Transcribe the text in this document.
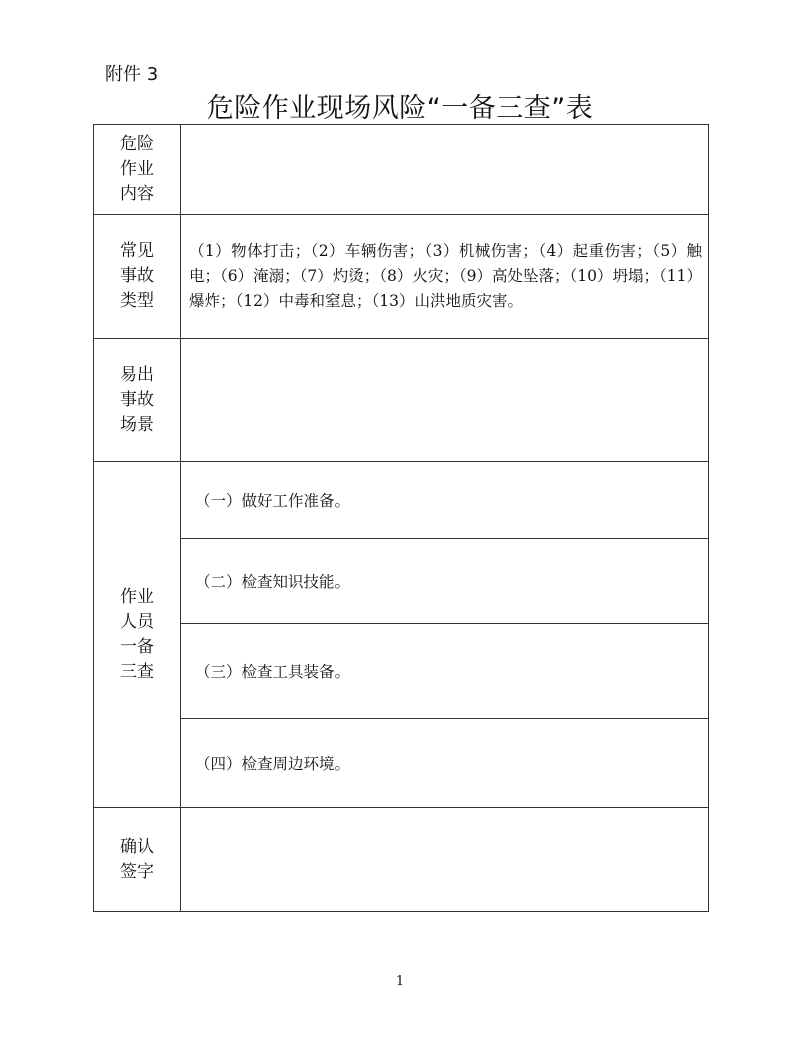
附件 3
危险作业现场风险“一备三查”表
危险
作业
内容	

常见
事故
类型	（1）物体打击；（2）车辆伤害；（3）机械伤害；（4）起重伤害；（5）触电；（6）淹溺；（7）灼烫；（8）火灾；（9）高处坠落；（10）坍塌；（11）爆炸；（12）中毒和窒息；（13）山洪地质灾害。

易出
事故
场景	

作业
人员
一备
三查	（一）做好工作准备。

	（二）检查知识技能。

	（三）检查工具装备。

	（四）检查周边环境。

确认
签字	

1
